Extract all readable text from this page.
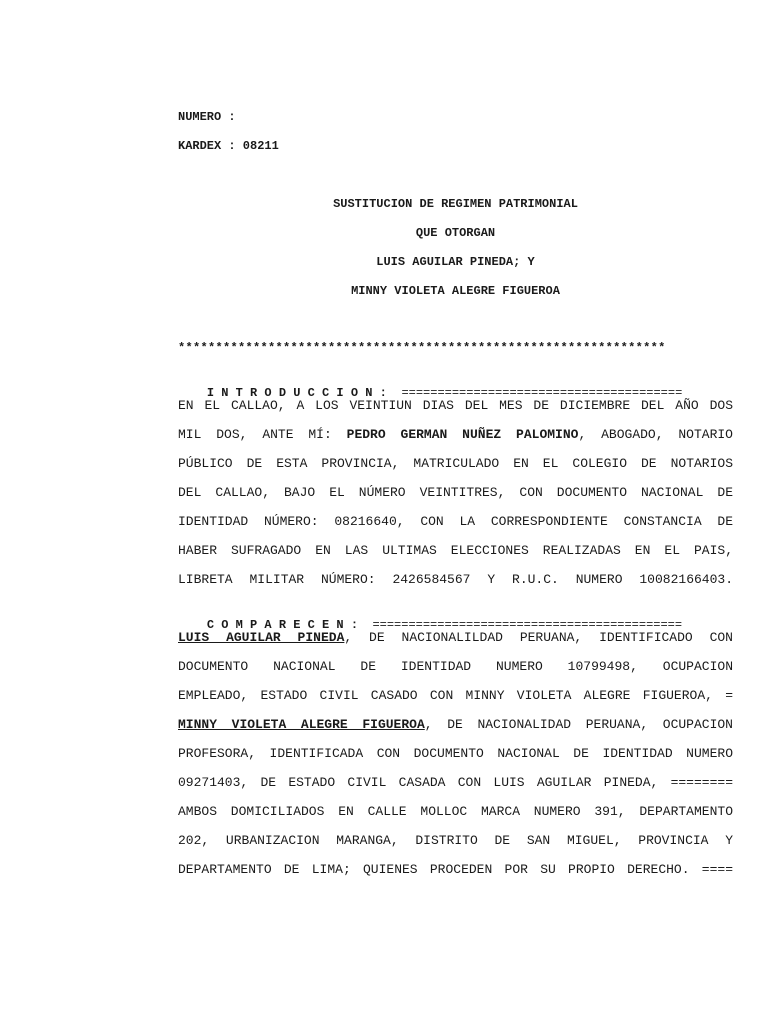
NUMERO :
KARDEX : 08211
SUSTITUCION DE REGIMEN PATRIMONIAL
QUE OTORGAN
LUIS AGUILAR PINEDA; Y
MINNY VIOLETA ALEGRE FIGUEROA
*****************************************************************

INTRODUCCION: =======================================

EN EL CALLAO, A LOS VEINTIUN DIAS DEL MES DE DICIEMBRE DEL AÑO DOS
MIL DOS, ANTE MÍ: PEDRO GERMAN NUÑEZ PALOMINO, ABOGADO, NOTARIO
PÚBLICO DE ESTA PROVINCIA, MATRICULADO EN EL COLEGIO DE NOTARIOS
DEL CALLAO, BAJO EL NÚMERO VEINTITRES, CON DOCUMENTO NACIONAL DE
IDENTIDAD NÚMERO: 08216640, CON LA CORRESPONDIENTE CONSTANCIA DE
HABER SUFRAGADO EN LAS ULTIMAS ELECCIONES REALIZADAS EN EL PAIS,
LIBRETA MILITAR NÚMERO: 2426584567 Y R.U.C. NUMERO 10082166403.

COMPARECEN: ===========================================

LUIS AGUILAR PINEDA, DE NACIONALILDAD PERUANA, IDENTIFICADO CON
DOCUMENTO NACIONAL DE IDENTIDAD NUMERO 10799498, OCUPACION
EMPLEADO, ESTADO CIVIL CASADO CON MINNY VIOLETA ALEGRE FIGUEROA, =
MINNY VIOLETA ALEGRE FIGUEROA, DE NACIONALIDAD PERUANA, OCUPACION
PROFESORA, IDENTIFICADA CON DOCUMENTO NACIONAL DE IDENTIDAD NUMERO
09271403, DE ESTADO CIVIL CASADA CON LUIS AGUILAR PINEDA, ========
AMBOS DOMICILIADOS EN CALLE MOLLOC MARCA NUMERO 391, DEPARTAMENTO
202, URBANIZACION MARANGA, DISTRITO DE SAN MIGUEL, PROVINCIA Y
DEPARTAMENTO DE LIMA; QUIENES PROCEDEN POR SU PROPIO DERECHO. ====
